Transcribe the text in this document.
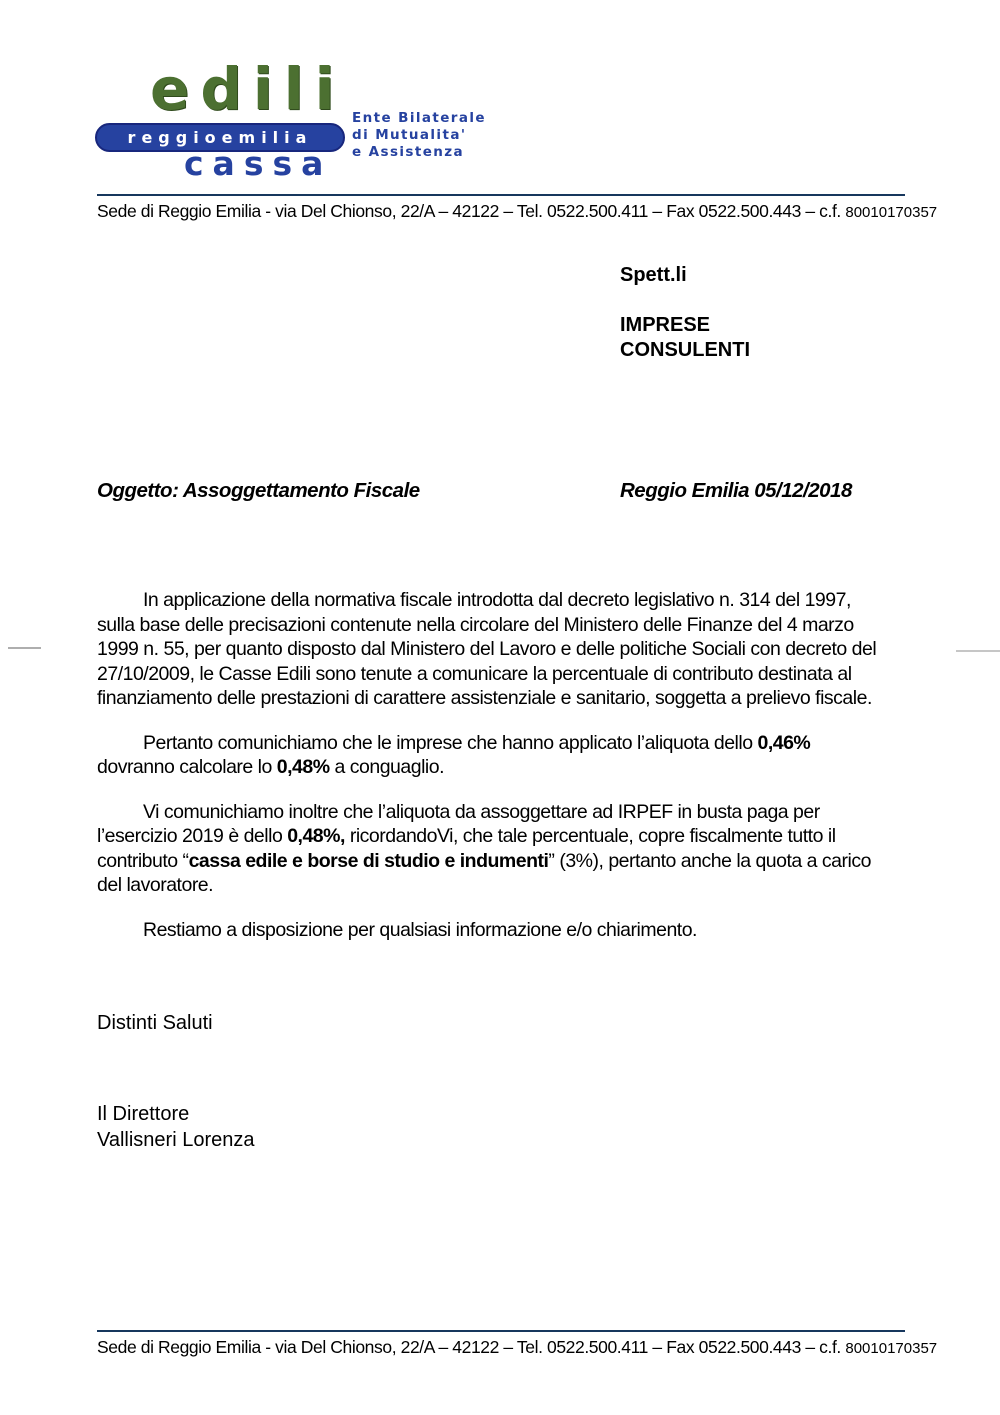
edili
reggioemilia
cassa
Ente Bilaterale
di Mutualita'
e Assistenza
Sede di Reggio Emilia - via Del Chionso, 22/A – 42122 – Tel. 0522.500.411 – Fax 0522.500.443 – c.f. 80010170357
Spett.li
IMPRESE
CONSULENTI
Oggetto: Assoggettamento Fiscale	Reggio Emilia 05/12/2018

In applicazione della normativa fiscale introdotta dal decreto legislativo n. 314 del 1997, sulla base delle precisazioni contenute nella circolare del Ministero delle Finanze del 4 marzo 1999 n. 55, per quanto disposto dal Ministero del Lavoro e delle politiche Sociali con decreto del 27/10/2009, le Casse Edili sono tenute a comunicare la percentuale di contributo destinata al finanziamento delle prestazioni di carattere assistenziale e sanitario, soggetta a prelievo fiscale.

Pertanto comunichiamo che le imprese che hanno applicato l’aliquota dello 0,46% dovranno calcolare lo 0,48% a conguaglio.

Vi comunichiamo inoltre che l’aliquota da assoggettare ad IRPEF in busta paga per l’esercizio 2019 è dello 0,48%, ricordandoVi, che tale percentuale, copre fiscalmente tutto il contributo “cassa edile e borse di studio e indumenti” (3%), pertanto anche la quota a carico del lavoratore.

Restiamo a disposizione per qualsiasi informazione e/o chiarimento.

Distinti Saluti
Il Direttore
Vallisneri Lorenza
Sede di Reggio Emilia - via Del Chionso, 22/A – 42122 – Tel. 0522.500.411 – Fax 0522.500.443 – c.f. 80010170357
